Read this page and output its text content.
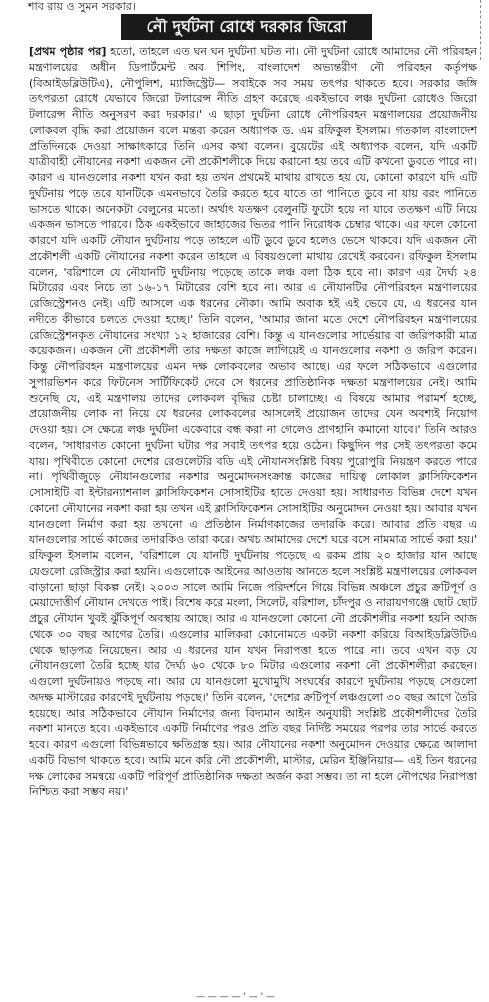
শাব রায় ও সুমন সরকার।
নৌ দুর্ঘটনা রোধে দরকার জিরো

[প্রথম পৃষ্ঠার পর] হতো, তাহলে এত ঘন ঘন দুর্ঘটনা ঘটত না। নৌ দুর্ঘটনা রোধে আমাদের নৌ পরিবহন মন্ত্রণালয়ের অধীন ডিপার্টমেন্ট অব শিপিং, বাংলাদেশ অভ্যন্তরীণ নৌ পরিবহন কর্তৃপক্ষ (বিআইডব্লিউটিএ), নৌপুলিশ, ম্যাজিস্ট্রেট— সবাইকে সব সময় তৎপর থাকতে হবে। সরকার জঙ্গি তৎপরতা রোধে যেভাবে জিরো টলারেন্স নীতি গ্রহণ করেছে একইভাবে লঞ্চ দুর্ঘটনা রোধেও জিরো টলারেন্স নীতি অনুসরণ করা দরকার।' এ ছাড়া দুর্ঘটনা রোধে নৌপরিবহন মন্ত্রণালয়ের প্রয়োজনীয় লোকবল বৃদ্ধি করা প্রয়োজন বলে মন্তব্য করেন অধ্যাপক ড. এম রফিকুল ইসলাম। গতকাল বাংলাদেশ প্রতিদিনকে দেওয়া সাক্ষাৎকারে তিনি এসব কথা বলেন। বুয়েটের এই অধ্যাপক বলেন, যদি একটি যাত্রীবাহী নৌযানের নকশা একজন নৌ প্রকৌশলীকে দিয়ে করানো হয় তবে এটি কখনো ডুবতে পারে না। কারণ এ যানগুলোর নকশা যখন করা হয় তখন প্রথমেই মাথায় রাখতে হয় যে, কোনো কারণে যদি এটি দুর্ঘটনায় পড়ে তবে যানটিকে এমনভাবে তৈরি করতে হবে যাতে তা পানিতে ডুবে না যায় বরং পানিতে ভাসতে থাকে। অনেকটা বেলুনের মতো। অর্থাৎ যতক্ষণ বেলুনটি ফুটো হয়ে না যাবে ততক্ষণ এটি নিয়ে একজন ভাসতে পারবে। ঠিক একইভাবে জাহাজের ভিতর পানি নিরোধক চেম্বার থাকে। এর ফলে কোনো কারণে যদি একটি নৌযান দুর্ঘটনায় পড়ে তাহলে এটি ডুবে ডুবে হলেও ভেসে থাকবে। যদি একজন নৌ প্রকৌশলী একটি নৌযানের নকশা করেন তাহলে এ বিষয়গুলো মাথায় রেখেই করবেন। রফিকুল ইসলাম বলেন, 'বরিশালে যে নৌযানটি দুর্ঘটনায় পড়েছে তাকে লঞ্চ বলা ঠিক হবে না। কারণ এর দৈর্ঘ্য ২৪ মিটারের এবং নিচে তা ১৬-১৭ মিটারের বেশি হবে না। আর এ নৌযানটির নৌপরিবহন মন্ত্রণালয়ের রেজিস্ট্রেশনও নেই। এটি আসলে এক ধরনের নৌকা। আমি অবাক হই এই ভেবে যে, এ ধরনের যান নদীতে কীভাবে চলতে দেওয়া হচ্ছে।' তিনি বলেন, 'আমার জানা মতে দেশে নৌপরিবহন মন্ত্রণালয়ের রেজিস্ট্রেশনকৃত নৌযানের সংখ্যা ১২ হাজারের বেশি। কিন্তু এ যানগুলোর সার্ভেয়ার বা জরিপকারী মাত্র কয়েকজন। একজন নৌ প্রকৌশলী তার দক্ষতা কাজে লাগিয়েই এ যানগুলোর নকশা ও জরিপ করেন। কিন্তু নৌপরিবহন মন্ত্রণালয়ের এমন দক্ষ লোকবলের অভাব আছে। এর ফলে সঠিকভাবে এগুলোর সুপারভিশন করে ফিটনেস সার্টিফিকেট দেবে সে ধরনের প্রাতিষ্ঠানিক দক্ষতা মন্ত্রণালয়ের নেই। আমি শুনেছি যে, এই মন্ত্রণালয় তাদের লোকবল বৃদ্ধির চেষ্টা চালাচ্ছে। এ বিষয়ে আমার পরামর্শ হচ্ছে, প্রয়োজনীয় লোক না নিয়ে যে ধরনের লোকবলের আসলেই প্রয়োজন তাদের যেন অবশ্যই নিয়োগ দেওয়া হয়। সে ক্ষেত্রে লঞ্চ দুর্ঘটনা একেবারে বন্ধ করা না গেলেও প্রাণহানি কমানো যাবে।' তিনি আরও বলেন, 'সাধারণত কোনো দুর্ঘটনা ঘটার পর সবাই তৎপর হয়ে ওঠেন। কিছুদিন পর সেই তৎপরতা কমে যায়। পৃথিবীতে কোনো দেশের রেগুলেটরি বডি এই নৌযানসংশ্লিষ্ট বিষয় পুরোপুরি নিয়ন্ত্রণ করতে পারে না। পৃথিবীজুড়ে নৌযানগুলোর নকশার অনুমোদনসংক্রান্ত কাজের দায়িত্ব লোকাল ক্লাসিফিকেশন সোসাইটি বা ইন্টারন্যাশনাল ক্লাসিফিকেশন সোসাইটির হাতে দেওয়া হয়। সাধারণত বিভিন্ন দেশে যখন কোনো নৌযানের নকশা করা হয় তখন এই ক্লাসিফিকেশন সোসাইটির অনুমোদন নেওয়া হয়। আবার যখন যানগুলো নির্মাণ করা হয় তখনো এ প্রতিষ্ঠান নির্মাণকাজের তদারকি করে। আবার প্রতি বছর এ যানগুলোর সার্ভে কাজের তদারকিও তারা করে। অথচ আমাদের দেশে ঘরে বসে নামমাত্র সার্ভে করা হয়।' রফিকুল ইসলাম বলেন, 'বরিশালে যে যানটি দুর্ঘটনায় পড়েছে এ রকম প্রায় ২০ হাজার যান আছে যেগুলো রেজিস্ট্রার করা হয়নি। এগুলোকে আইনের আওতায় আনতে হলে সংশ্লিষ্ট মন্ত্রণালয়ের লোকবল বাড়ানো ছাড়া বিকল্প নেই। ২০০৩ সালে আমি নিজে পরিদর্শনে গিয়ে বিভিন্ন অঞ্চলে প্রচুর ক্রটিপূর্ণ ও মেয়াদোত্তীর্ণ নৌযান দেখতে পাই। বিশেষ করে মংলা, সিলেট, বরিশাল, চাঁদপুর ও নারায়ণগঞ্জে ছোট ছোট প্রচুর নৌযান খুবই ঝুঁকিপূর্ণ অবস্থায় আছে। আর এ যানগুলো কোনো নৌ প্রকৌশলীর নকশা হয়নি আজ থেকে ৩০ বছর আগের তৈরি। এগুলোর মালিকরা কোনোমতে একটা নকশা করিয়ে বিআইডব্লিউটিএ থেকে ছাড়পত্র নিয়েছেন। আর এ ধরনের যান যখন নিরাপত্তা হতে পারে না। তবে এখন বড় যে নৌযানগুলো তৈরি হচ্ছে যার দৈর্ঘ্য ৬০ থেকে ৮০ মিটার এগুলোর নকশা নৌ প্রকৌশলীরা করছেন। এগুলো দুর্ঘটনায়ও পড়ছে না। আর যে যানগুলো মুখোমুখি সংঘর্ষের কারণে দুর্ঘটনায় পড়ছে সেগুলো অদক্ষ মাস্টারের কারণেই দুর্ঘটনায় পড়ছে।' তিনি বলেন, 'দেশের ক্রটিপূর্ণ লঞ্চগুলো ৩০ বছর আগে তৈরি হয়েছে। আর সঠিকভাবে নৌযান নির্মাণের জন্য বিদ্যমান আইন অনুযায়ী সংশ্লিষ্ট প্রকৌশলীদের তৈরি নকশা মানতে হবে। একইভাবে একটি নির্মাণের পরও প্রতি বছর নির্দিষ্ট সময়ের পরপর তার সার্ভে করতে হবে। কারণ এগুলো বিভিন্নভাবে ক্ষতিগ্রস্ত হয়। আর নৌযানের নকশা অনুমোদন দেওয়ার ক্ষেত্রে আলাদা একটি বিভাগ থাকতে হবে। আমি মনে করি নৌ প্রকৌশলী, মাস্টার, মেরিন ইঞ্জিনিয়ার— এই তিন ধরনের দক্ষ লোকের সমন্বয়ে একটি পরিপূর্ণ প্রাতিষ্ঠানিক দক্ষতা অর্জন করা সম্ভব। তা না হলে নৌপথের নিরাপত্তা নিশ্চিত করা সম্ভব নয়।'

— — — — ' — ' —
